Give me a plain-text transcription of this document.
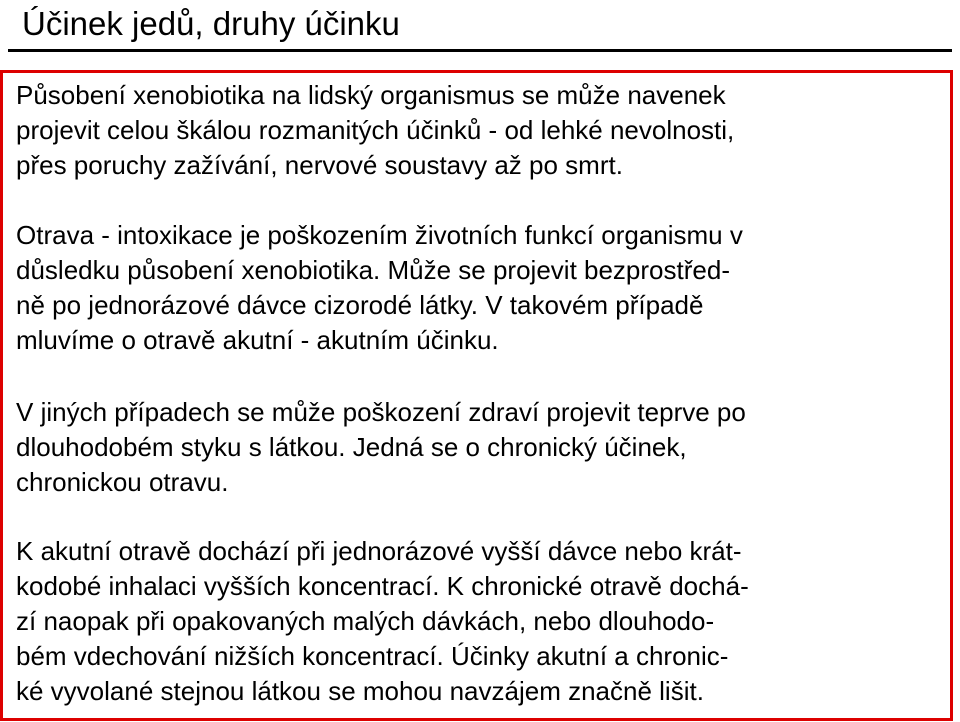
Účinek jedů, druhy účinku

Působení xenobiotika na lidský organismus se může navenek
projevit celou škálou rozmanitých účinků - od lehké nevolnosti,
přes poruchy zažívání, nervové soustavy až po smrt.

Otrava - intoxikace je poškozením životních funkcí organismu v
důsledku působení xenobiotika. Může se projevit bezprostřed-
ně po jednorázové dávce cizorodé látky. V takovém případě
mluvíme o otravě akutní - akutním účinku.

V jiných případech se může poškození zdraví projevit teprve po
dlouhodobém styku s látkou. Jedná se o chronický účinek,
chronickou otravu.

K akutní otravě dochází při jednorázové vyšší dávce nebo krát-
kodobé inhalaci vyšších koncentrací. K chronické otravě dochá-
zí naopak při opakovaných malých dávkách, nebo dlouhodo-
bém vdechování nižších koncentrací. Účinky akutní a chronic-
ké vyvolané stejnou látkou se mohou navzájem značně lišit.
